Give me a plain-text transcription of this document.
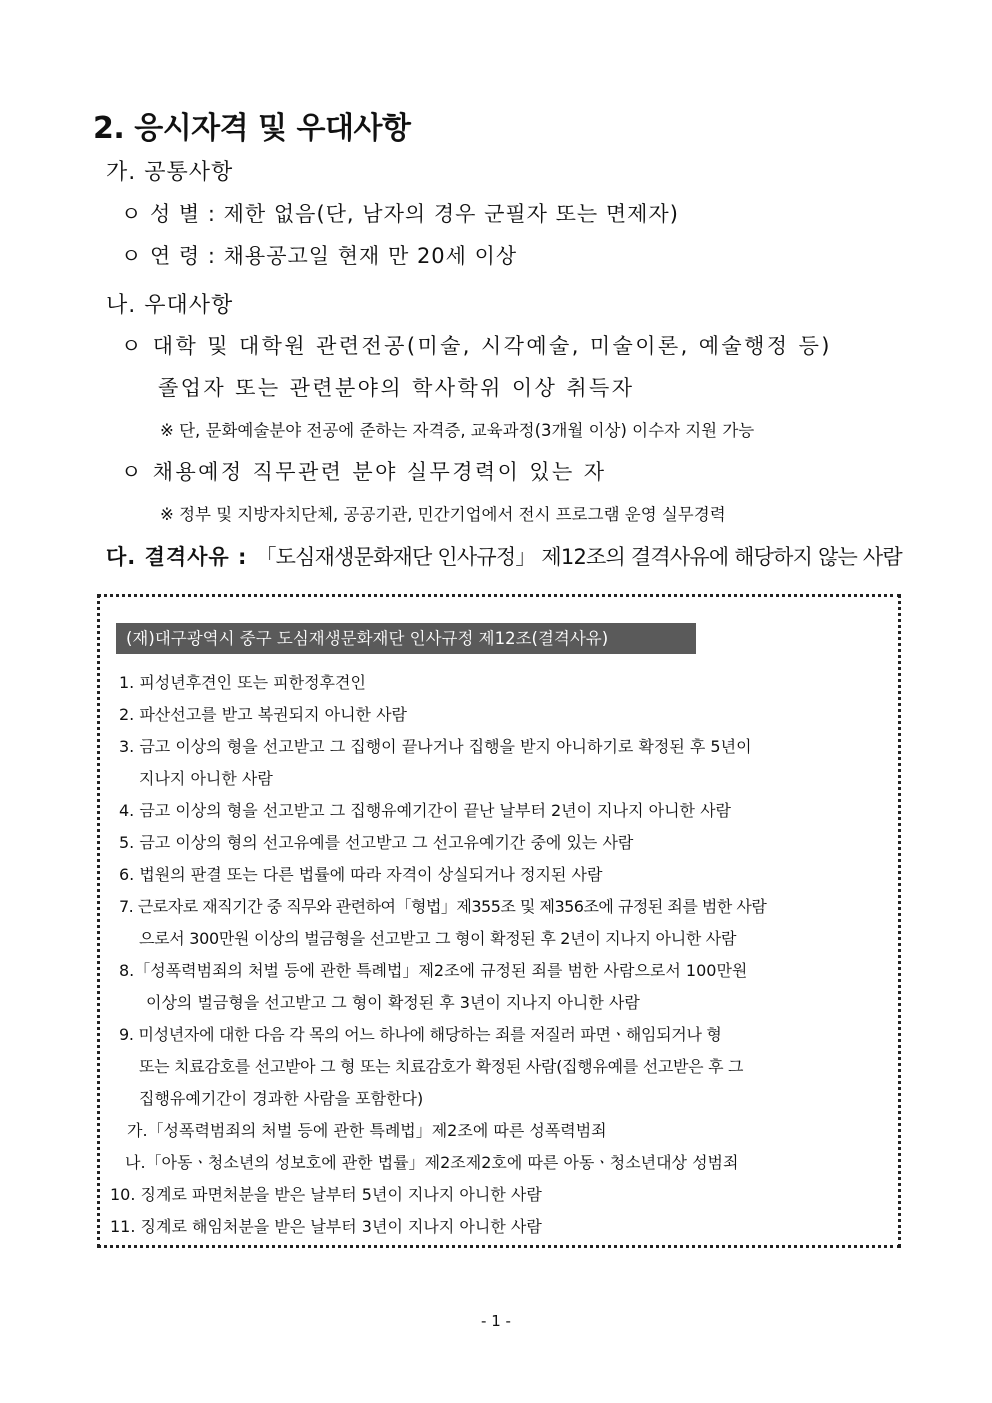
2. 응시자격 및 우대사항
가. 공통사항
ㅇ 성 별 : 제한 없음(단, 남자의 경우 군필자 또는 면제자)
ㅇ 연 령 : 채용공고일 현재 만 20세 이상
나. 우대사항
ㅇ 대학 및 대학원 관련전공(미술, 시각예술, 미술이론, 예술행정 등)
졸업자 또는 관련분야의 학사학위 이상 취득자
※ 단, 문화예술분야 전공에 준하는 자격증, 교육과정(3개월 이상) 이수자 지원 가능
ㅇ 채용예정 직무관련 분야 실무경력이 있는 자
※ 정부 및 지방자치단체, 공공기관, 민간기업에서 전시 프로그램 운영 실무경력
다. 결격사유 : 「도심재생문화재단 인사규정」 제12조의 결격사유에 해당하지 않는 사람
(재)대구광역시 중구 도심재생문화재단 인사규정 제12조(결격사유)
1. 피성년후견인 또는 피한정후견인
2. 파산선고를 받고 복권되지 아니한 사람
3. 금고 이상의 형을 선고받고 그 집행이 끝나거나 집행을 받지 아니하기로 확정된 후 5년이
지나지 아니한 사람
4. 금고 이상의 형을 선고받고 그 집행유예기간이 끝난 날부터 2년이 지나지 아니한 사람
5. 금고 이상의 형의 선고유예를 선고받고 그 선고유예기간 중에 있는 사람
6. 법원의 판결 또는 다른 법률에 따라 자격이 상실되거나 정지된 사람
7. 근로자로 재직기간 중 직무와 관련하여「형법」제355조 및 제356조에 규정된 죄를 범한 사람
으로서 300만원 이상의 벌금형을 선고받고 그 형이 확정된 후 2년이 지나지 아니한 사람
8.「성폭력범죄의 처벌 등에 관한 특례법」제2조에 규정된 죄를 범한 사람으로서 100만원
이상의 벌금형을 선고받고 그 형이 확정된 후 3년이 지나지 아니한 사람
9. 미성년자에 대한 다음 각 목의 어느 하나에 해당하는 죄를 저질러 파면ㆍ해임되거나 형
또는 치료감호를 선고받아 그 형 또는 치료감호가 확정된 사람(집행유예를 선고받은 후 그
집행유예기간이 경과한 사람을 포함한다)
가.「성폭력범죄의 처벌 등에 관한 특례법」제2조에 따른 성폭력범죄
나.「아동ㆍ청소년의 성보호에 관한 법률」제2조제2호에 따른 아동ㆍ청소년대상 성범죄
10. 징계로 파면처분을 받은 날부터 5년이 지나지 아니한 사람
11. 징계로 해임처분을 받은 날부터 3년이 지나지 아니한 사람
- 1 -
